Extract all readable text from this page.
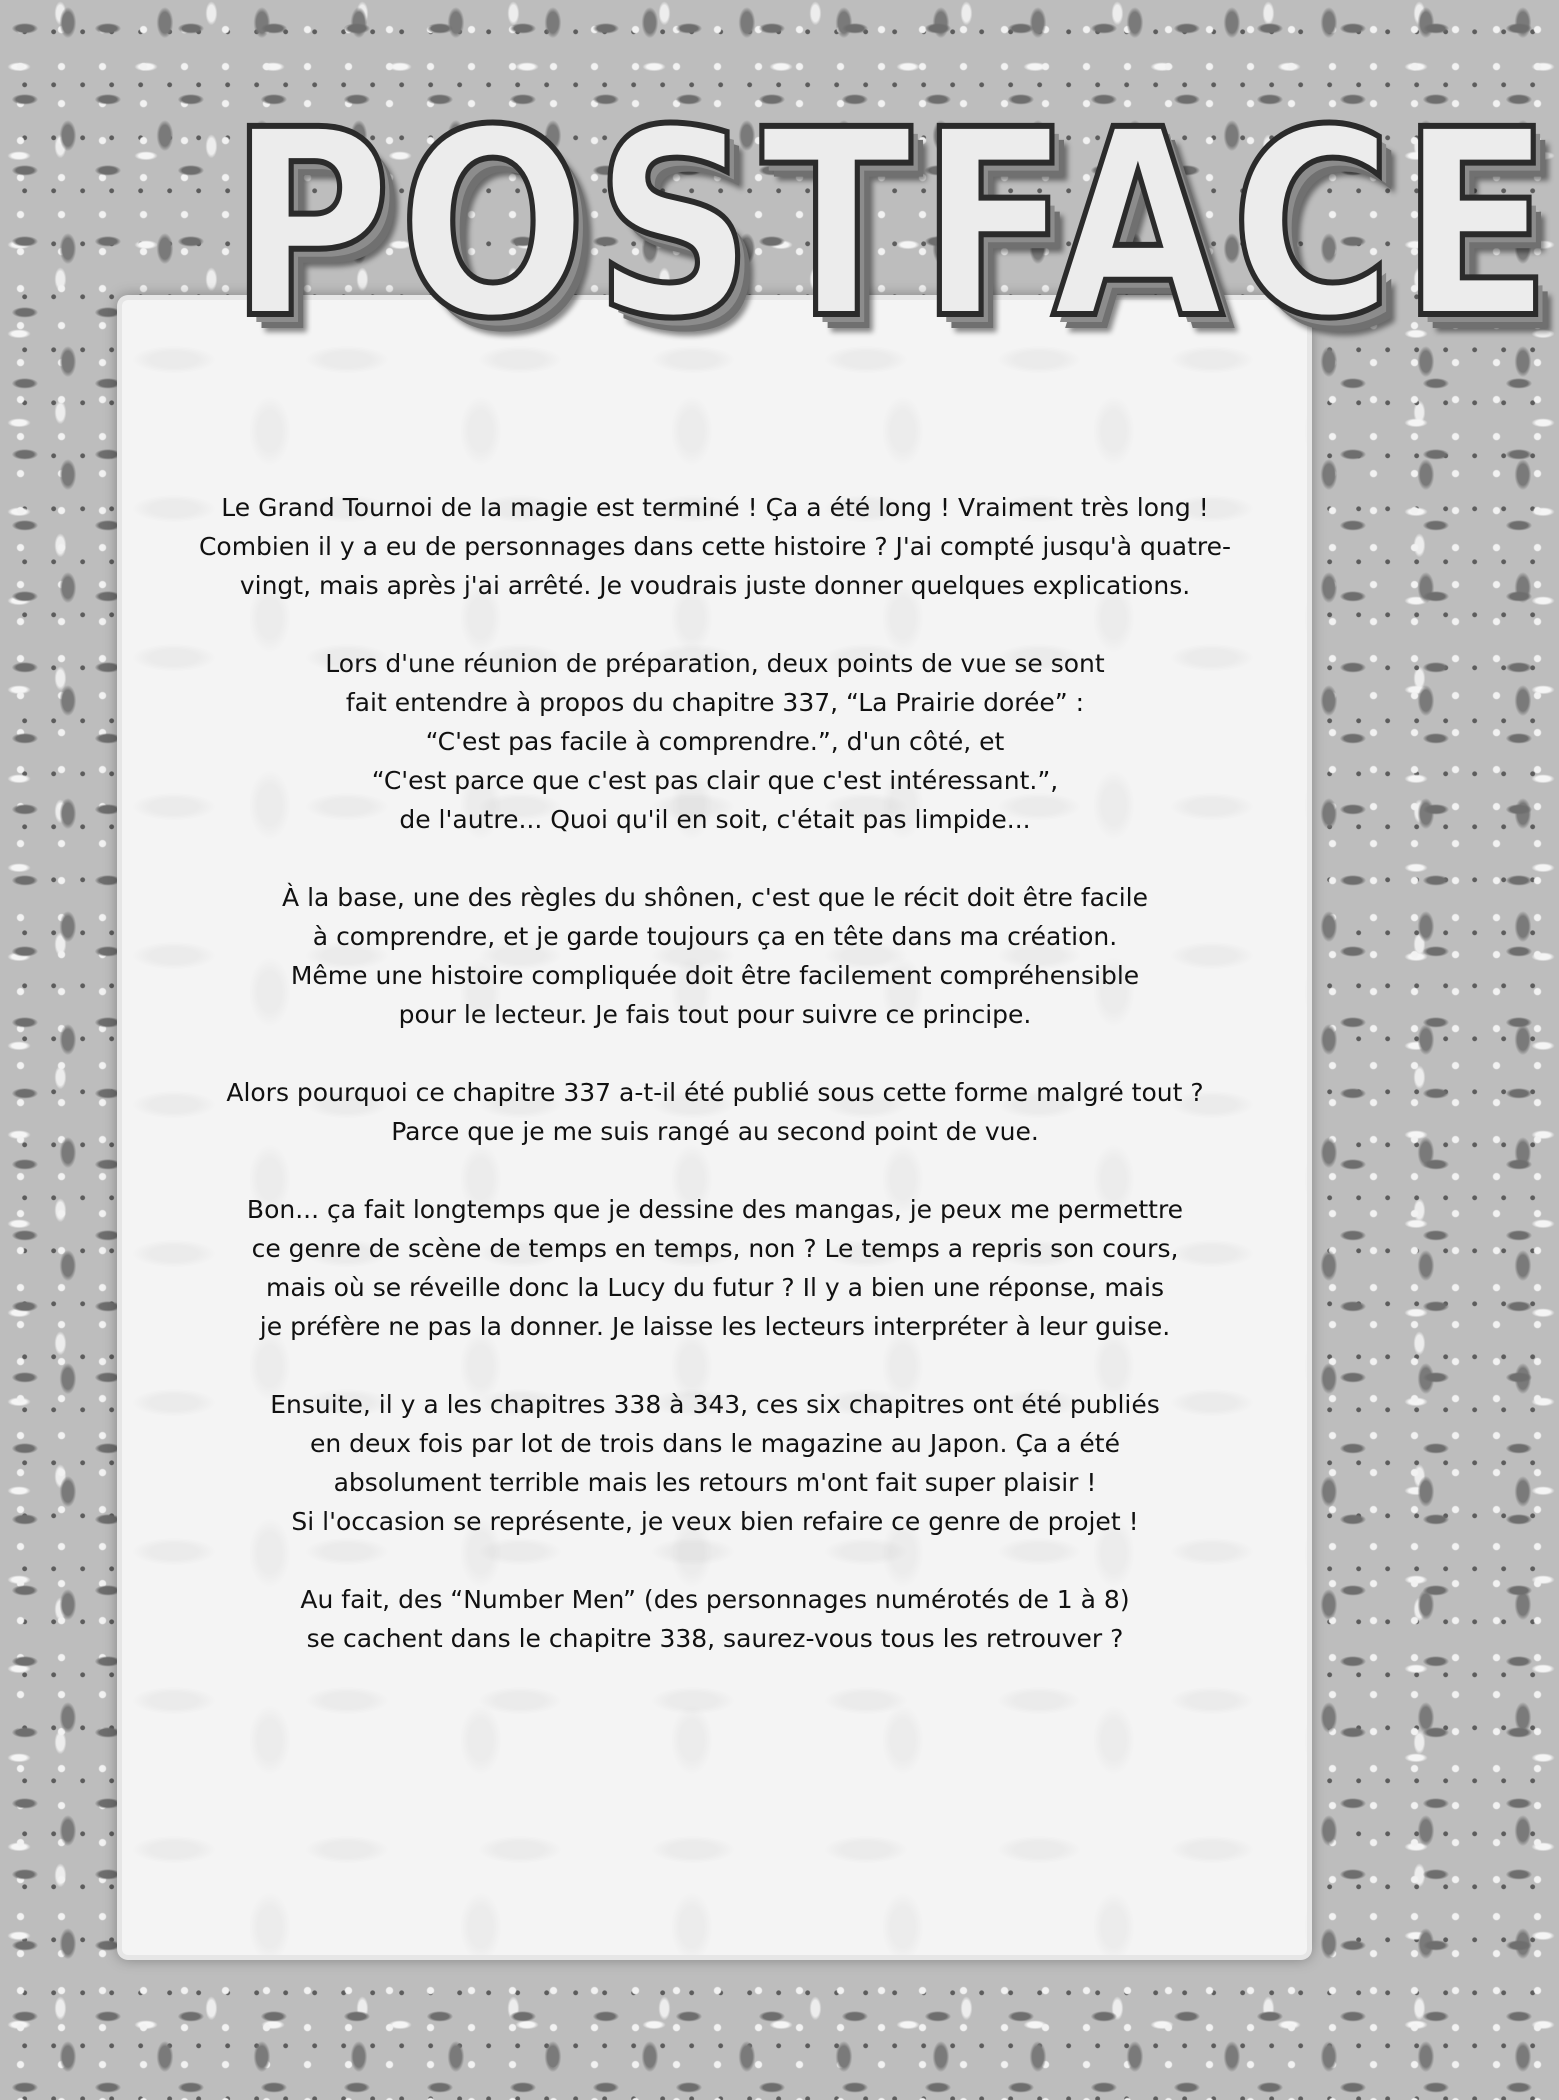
POSTFACE

Le Grand Tournoi de la magie est terminé ! Ça a été long ! Vraiment très long !
Combien il y a eu de personnages dans cette histoire ? J'ai compté jusqu'à quatre-
vingt, mais après j'ai arrêté. Je voudrais juste donner quelques explications.

Lors d'une réunion de préparation, deux points de vue se sont
fait entendre à propos du chapitre 337, “La Prairie dorée” :
“C'est pas facile à comprendre.”, d'un côté, et
“C'est parce que c'est pas clair que c'est intéressant.”,
de l'autre... Quoi qu'il en soit, c'était pas limpide...

À la base, une des règles du shônen, c'est que le récit doit être facile
à comprendre, et je garde toujours ça en tête dans ma création.
Même une histoire compliquée doit être facilement compréhensible
pour le lecteur. Je fais tout pour suivre ce principe.

Alors pourquoi ce chapitre 337 a-t-il été publié sous cette forme malgré tout ?
Parce que je me suis rangé au second point de vue.

Bon... ça fait longtemps que je dessine des mangas, je peux me permettre
ce genre de scène de temps en temps, non ? Le temps a repris son cours,
mais où se réveille donc la Lucy du futur ? Il y a bien une réponse, mais
je préfère ne pas la donner. Je laisse les lecteurs interpréter à leur guise.

Ensuite, il y a les chapitres 338 à 343, ces six chapitres ont été publiés
en deux fois par lot de trois dans le magazine au Japon. Ça a été
absolument terrible mais les retours m'ont fait super plaisir !
Si l'occasion se représente, je veux bien refaire ce genre de projet !

Au fait, des “Number Men” (des personnages numérotés de 1 à 8)
se cachent dans le chapitre 338, saurez-vous tous les retrouver ?
